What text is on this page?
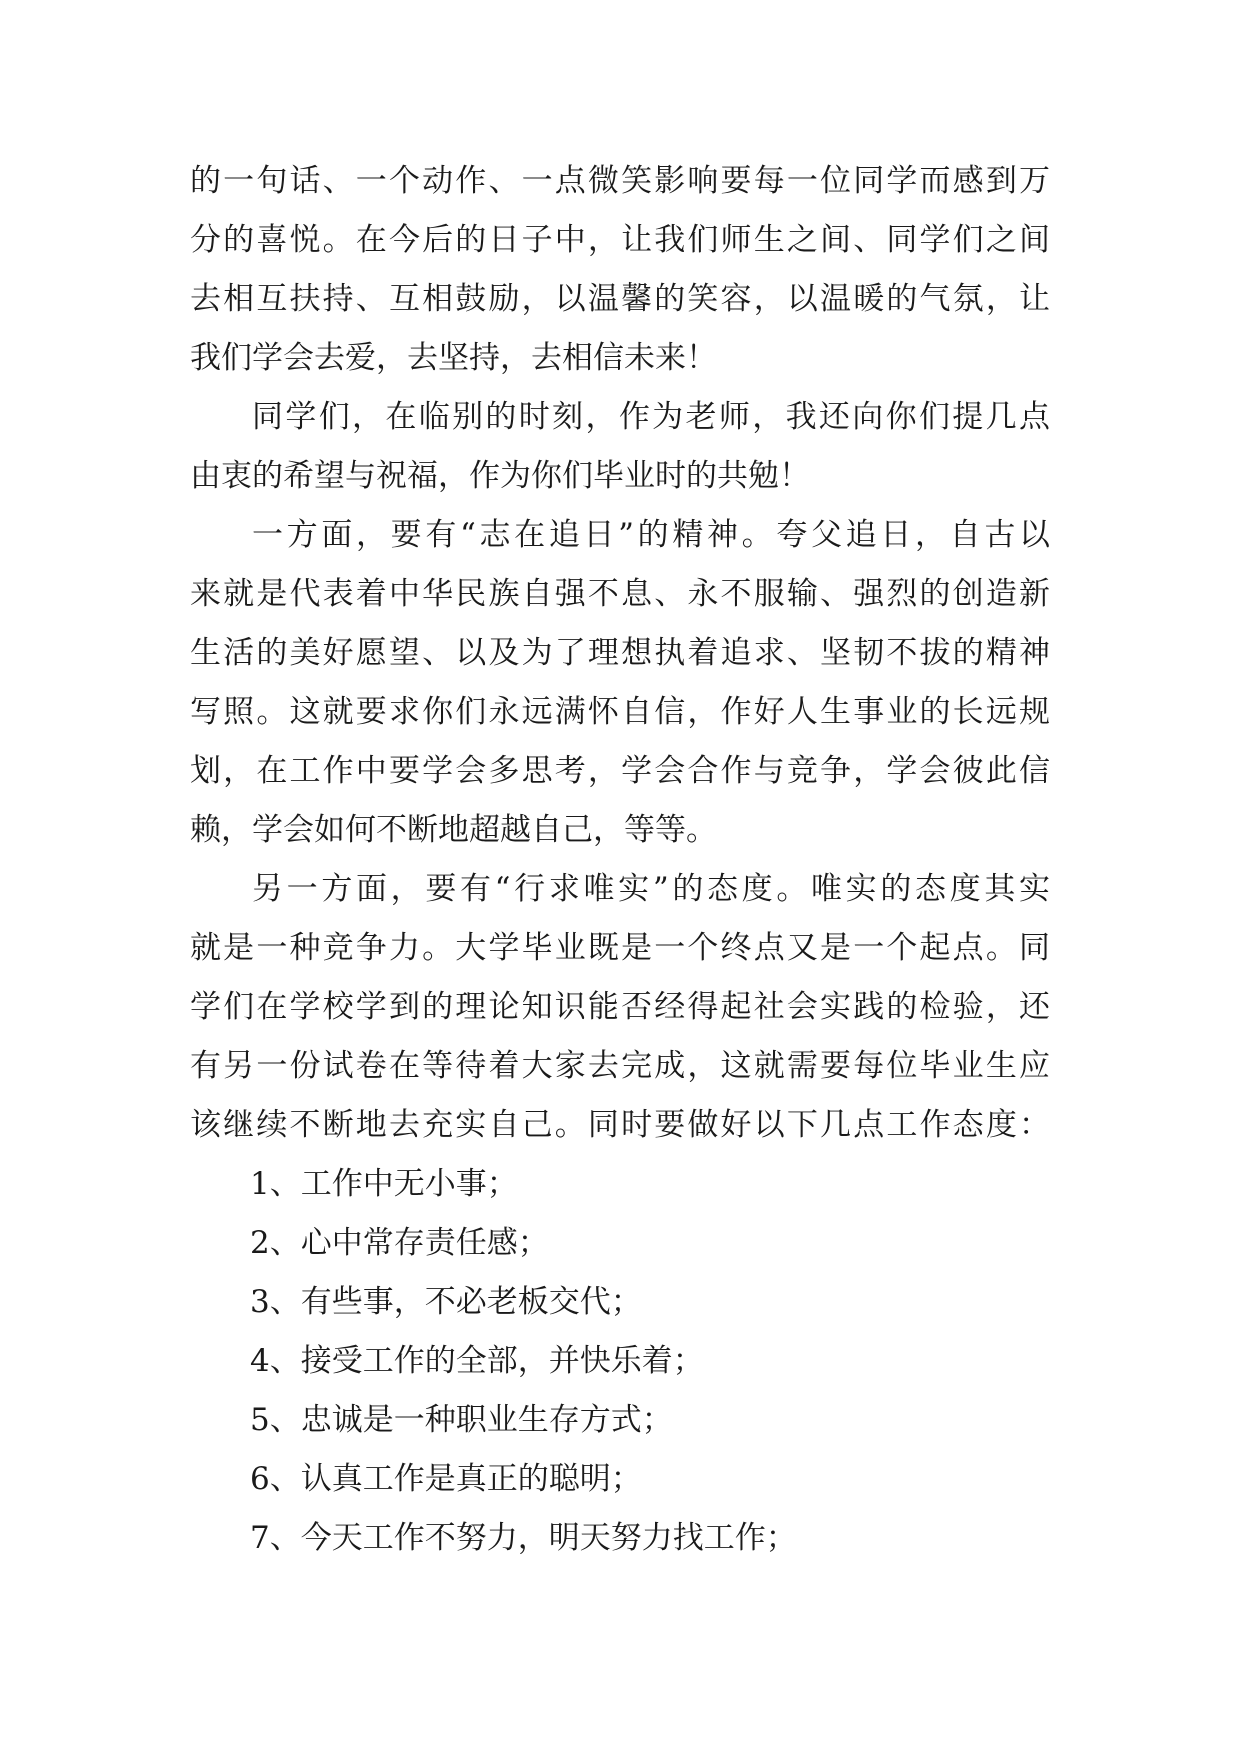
的一句话、一个动作、一点微笑影响要每一位同学而感到万
分的喜悦。在今后的日子中，让我们师生之间、同学们之间
去相互扶持、互相鼓励，以温馨的笑容，以温暖的气氛，让
我们学会去爱，去坚持，去相信未来！
同学们，在临别的时刻，作为老师，我还向你们提几点
由衷的希望与祝福，作为你们毕业时的共勉！
一方面，要有“志在追日”的精神。夸父追日，自古以
来就是代表着中华民族自强不息、永不服输、强烈的创造新
生活的美好愿望、以及为了理想执着追求、坚韧不拔的精神
写照。这就要求你们永远满怀自信，作好人生事业的长远规
划，在工作中要学会多思考，学会合作与竞争，学会彼此信
赖，学会如何不断地超越自己，等等。
另一方面，要有“行求唯实”的态度。唯实的态度其实
就是一种竞争力。大学毕业既是一个终点又是一个起点。同
学们在学校学到的理论知识能否经得起社会实践的检验，还
有另一份试卷在等待着大家去完成，这就需要每位毕业生应
该继续不断地去充实自己。同时要做好以下几点工作态度：
1、工作中无小事；
2、心中常存责任感；
3、有些事，不必老板交代；
4、接受工作的全部，并快乐着；
5、忠诚是一种职业生存方式；
6、认真工作是真正的聪明；
7、今天工作不努力，明天努力找工作；
